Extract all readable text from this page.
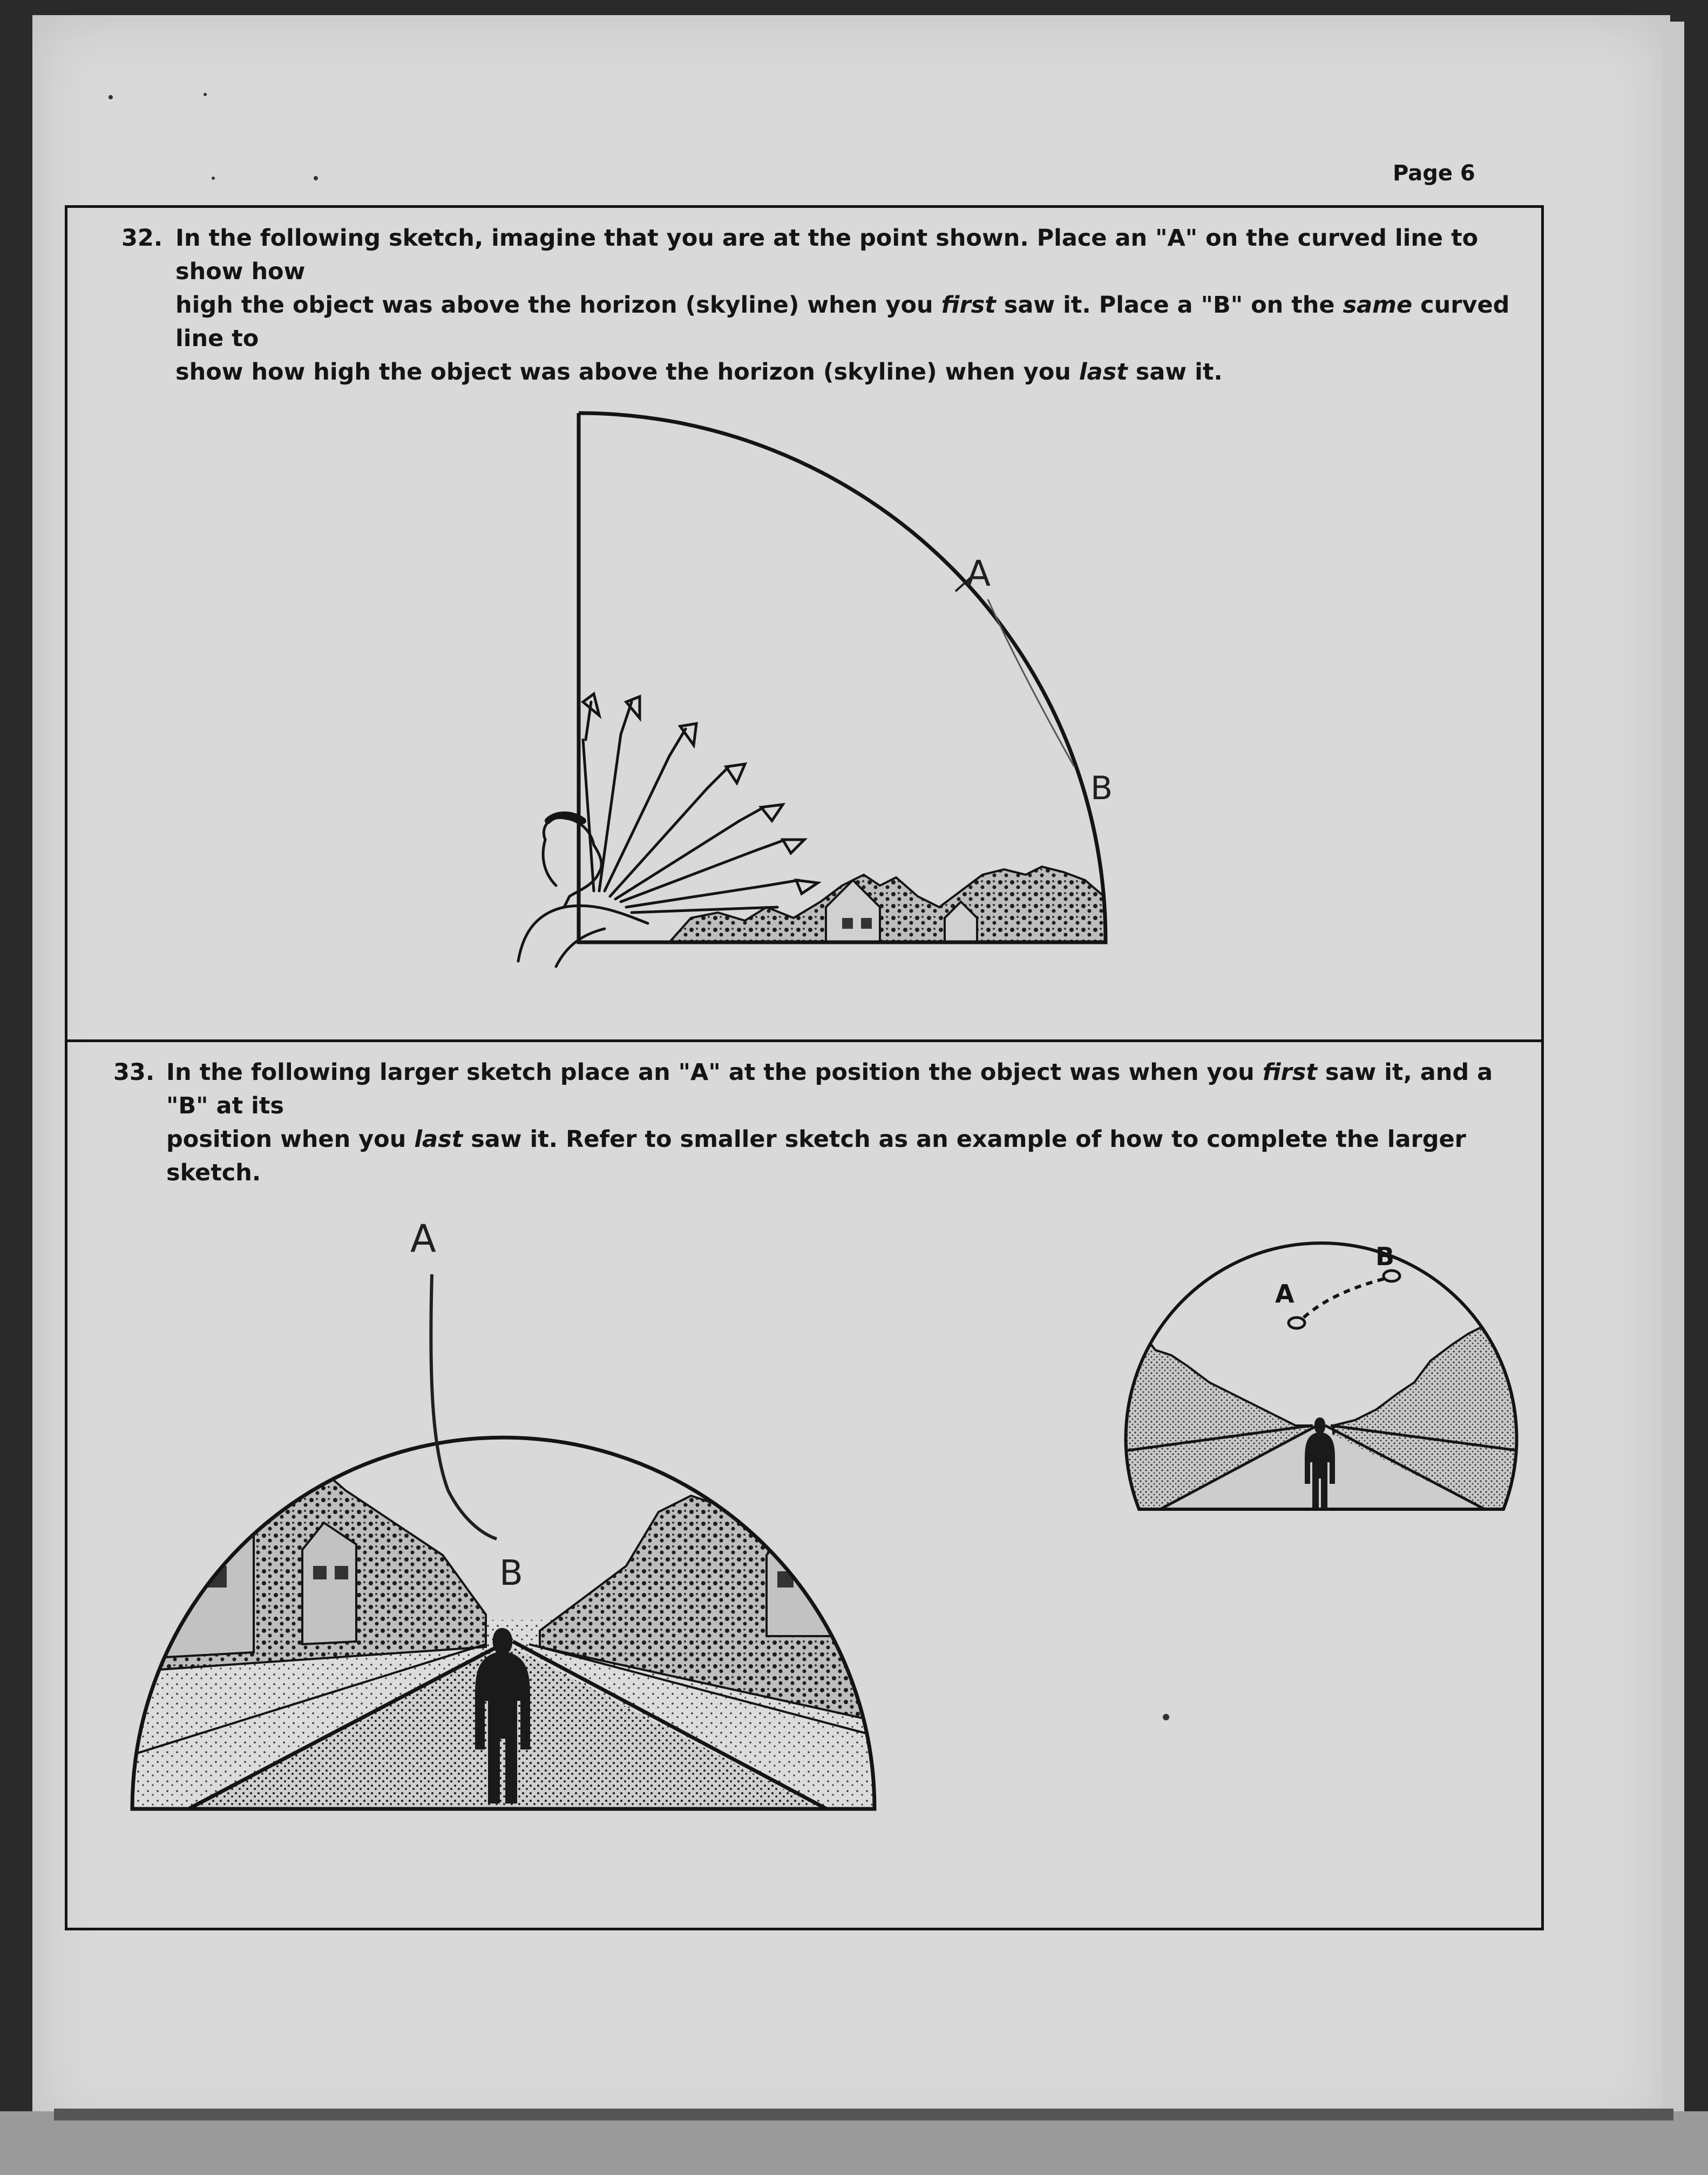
Page 6
32. In the following sketch, imagine that you are at the point shown. Place an "A" on the curved line to show how
high the object was above the horizon (skyline) when you first saw it. Place a "B" on the same curved line to
show how high the object was above the horizon (skyline) when you last saw it.
33. In the following larger sketch place an "A" at the position the object was when you first saw it, and a "B" at its
position when you last saw it. Refer to smaller sketch as an example of how to complete the larger sketch.
A
B
A
B
A
B
